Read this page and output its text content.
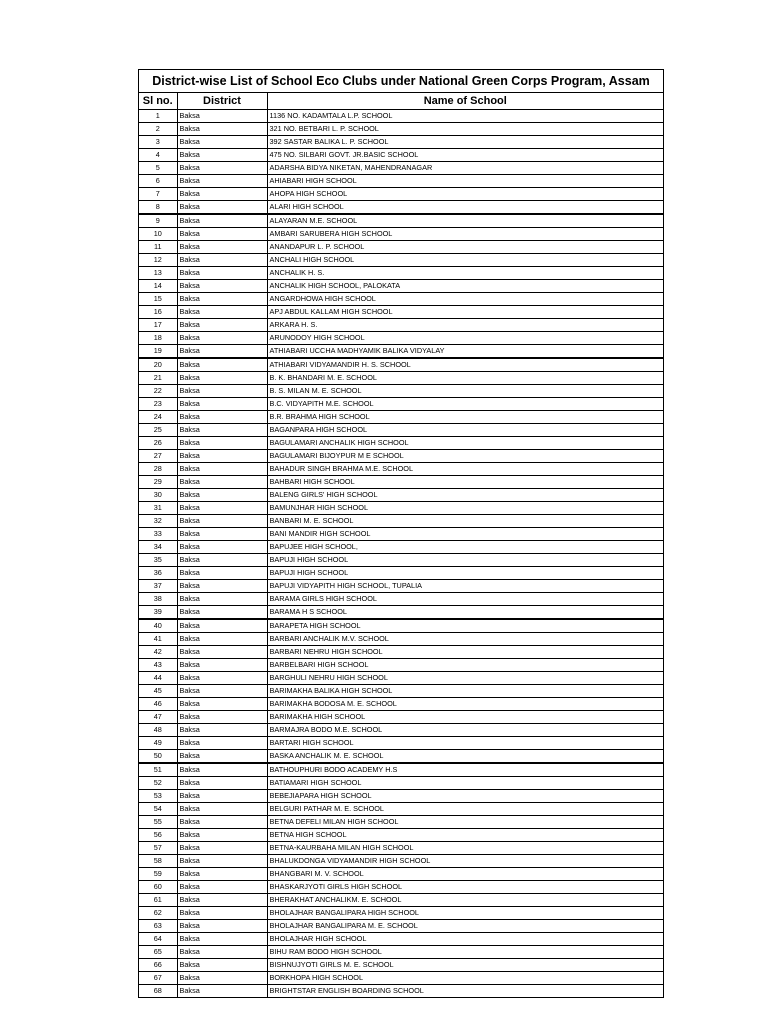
District-wise List of School Eco Clubs under National Green Corps Program, Assam
Sl no.	District	Name of School
1	Baksa	1136 NO. KADAMTALA L.P. SCHOOL
2	Baksa	321 NO. BETBARI L. P. SCHOOL
3	Baksa	392 SASTAR BALIKA L. P. SCHOOL
4	Baksa	475 NO. SILBARI GOVT. JR.BASIC SCHOOL
5	Baksa	ADARSHA BIDYA NIKETAN, MAHENDRANAGAR
6	Baksa	AHIABARI HIGH SCHOOL
7	Baksa	AHOPA HIGH SCHOOL
8	Baksa	ALARI HIGH SCHOOL
9	Baksa	ALAYARAN M.E. SCHOOL
10	Baksa	AMBARI SARUBERA HIGH SCHOOL
11	Baksa	ANANDAPUR L. P. SCHOOL
12	Baksa	ANCHALI HIGH SCHOOL
13	Baksa	ANCHALIK H. S.
14	Baksa	ANCHALIK HIGH SCHOOL, PALOKATA
15	Baksa	ANGARDHOWA HIGH SCHOOL
16	Baksa	APJ ABDUL KALLAM HIGH SCHOOL
17	Baksa	ARKARA H. S.
18	Baksa	ARUNODOY HIGH SCHOOL
19	Baksa	ATHIABARI UCCHA MADHYAMIK BALIKA VIDYALAY
20	Baksa	ATHIABARI VIDYAMANDIR H. S. SCHOOL
21	Baksa	B. K. BHANDARI M. E. SCHOOL
22	Baksa	B. S. MILAN M. E. SCHOOL
23	Baksa	B.C. VIDYAPITH M.E. SCHOOL
24	Baksa	B.R. BRAHMA HIGH SCHOOL
25	Baksa	BAGANPARA HIGH SCHOOL
26	Baksa	BAGULAMARI ANCHALIK HIGH SCHOOL
27	Baksa	BAGULAMARI BIJOYPUR M E SCHOOL
28	Baksa	BAHADUR SINGH BRAHMA M.E. SCHOOL
29	Baksa	BAHBARI HIGH SCHOOL
30	Baksa	BALENG GIRLS' HIGH SCHOOL
31	Baksa	BAMUNJHAR HIGH SCHOOL
32	Baksa	BANBARI M. E. SCHOOL
33	Baksa	BANI MANDIR HIGH SCHOOL
34	Baksa	BAPUJEE HIGH SCHOOL,
35	Baksa	BAPUJI HIGH SCHOOL
36	Baksa	BAPUJI HIGH SCHOOL
37	Baksa	BAPUJI VIDYAPITH HIGH SCHOOL, TUPALIA
38	Baksa	BARAMA GIRLS HIGH SCHOOL
39	Baksa	BARAMA H S SCHOOL
40	Baksa	BARAPETA HIGH SCHOOL
41	Baksa	BARBARI ANCHALIK M.V. SCHOOL
42	Baksa	BARBARI NEHRU HIGH SCHOOL
43	Baksa	BARBELBARI HIGH SCHOOL
44	Baksa	BARGHULI NEHRU HIGH SCHOOL
45	Baksa	BARIMAKHA BALIKA HIGH SCHOOL
46	Baksa	BARIMAKHA BODOSA M. E. SCHOOL
47	Baksa	BARIMAKHA HIGH SCHOOL
48	Baksa	BARMAJRA BODO M.E. SCHOOL
49	Baksa	BARTARI HIGH SCHOOL
50	Baksa	BASKA ANCHALIK M. E. SCHOOL
51	Baksa	BATHOUPHURI BODO ACADEMY H.S
52	Baksa	BATIAMARI HIGH SCHOOL
53	Baksa	BEBEJIAPARA HIGH SCHOOL
54	Baksa	BELGURI PATHAR M. E. SCHOOL
55	Baksa	BETNA DEFELI MILAN HIGH SCHOOL
56	Baksa	BETNA HIGH SCHOOL
57	Baksa	BETNA-KAURBAHA MILAN HIGH SCHOOL
58	Baksa	BHALUKDONGA VIDYAMANDIR HIGH SCHOOL
59	Baksa	BHANGBARI M. V. SCHOOL
60	Baksa	BHASKARJYOTI GIRLS HIGH SCHOOL
61	Baksa	BHERAKHAT ANCHALIKM. E. SCHOOL
62	Baksa	BHOLAJHAR BANGALIPARA HIGH SCHOOL
63	Baksa	BHOLAJHAR BANGALIPARA M. E. SCHOOL
64	Baksa	BHOLAJHAR HIGH SCHOOL
65	Baksa	BIHU RAM BODO HIGH SCHOOL
66	Baksa	BISHNUJYOTI GIRLS M. E. SCHOOL
67	Baksa	BORKHOPA HIGH SCHOOL
68	Baksa	BRIGHTSTAR ENGLISH BOARDING SCHOOL
